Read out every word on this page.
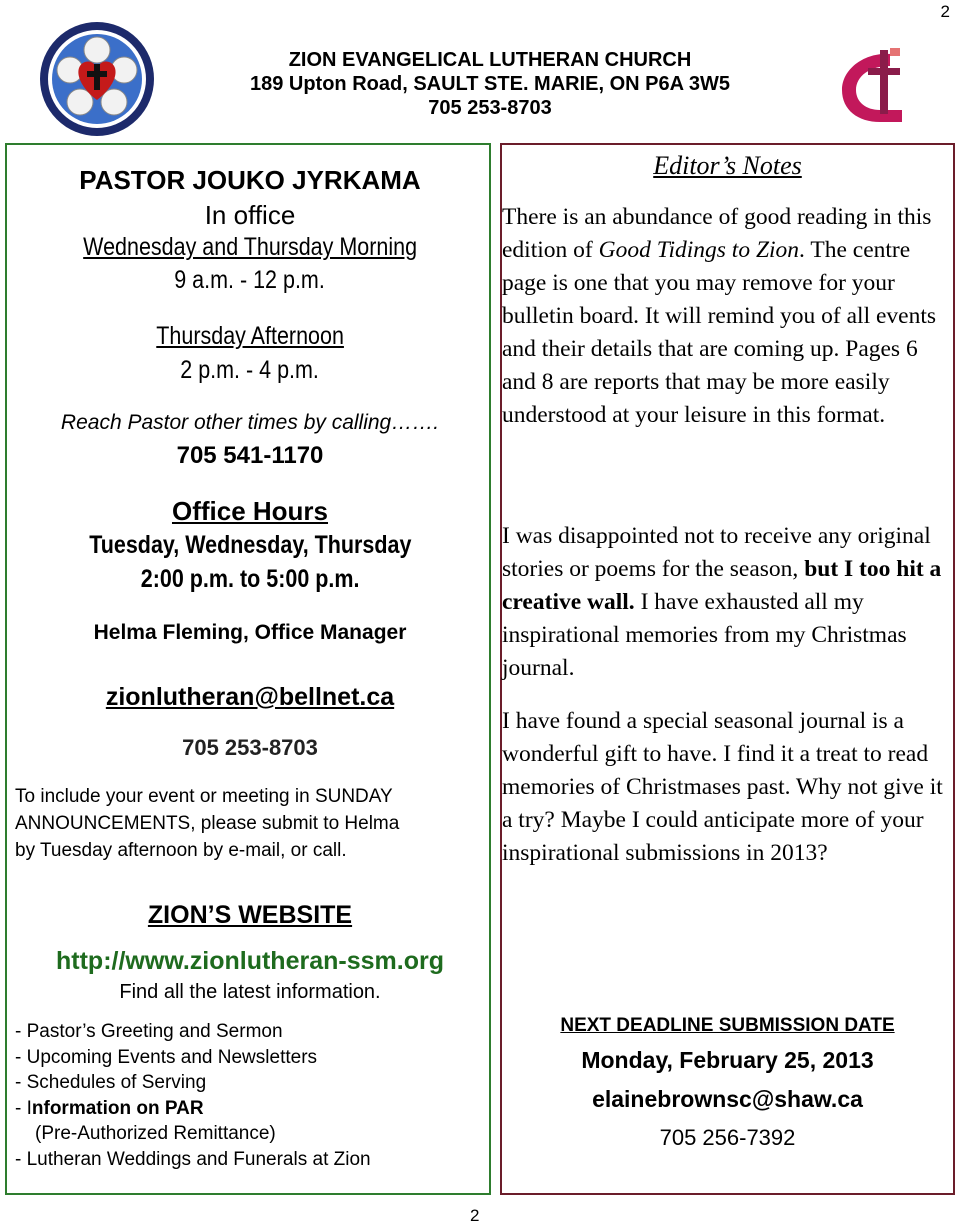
2
ZION EVANGELICAL LUTHERAN CHURCH
189 Upton Road, SAULT STE. MARIE, ON P6A 3W5
705 253-8703
PASTOR JOUKO JYRKAMA
In office
Wednesday and Thursday Morning
9 a.m. - 12 p.m.
Thursday Afternoon
2 p.m. - 4 p.m.
Reach Pastor other times by calling…….
705 541-1170
Office Hours
Tuesday, Wednesday, Thursday
2:00 p.m. to 5:00 p.m.
Helma Fleming, Office Manager
zionlutheran@bellnet.ca
705 253-8703
To include your event or meeting in SUNDAY
ANNOUNCEMENTS, please submit to Helma
by Tuesday afternoon by e-mail, or call.
ZION’S WEBSITE
http://www.zionlutheran-ssm.org
Find all the latest information.
- Pastor’s Greeting and Sermon
- Upcoming Events and Newsletters
- Schedules of Serving
- Information on PAR
(Pre-Authorized Remittance)
- Lutheran Weddings and Funerals at Zion
Editor’s Notes
There is an abundance of good reading in this edition of Good Tidings to Zion. The centre page is one that you may remove for your bulletin board. It will remind you of all events and their details that are coming up. Pages 6 and 8 are reports that may be more easily understood at your leisure in this format.
I was disappointed not to receive any original stories or poems for the season, but I too hit a creative wall. I have exhausted all my inspirational memories from my Christmas journal.
I have found a special seasonal journal is a wonderful gift to have. I find it a treat to read memories of Christmases past. Why not give it a try? Maybe I could anticipate more of your inspirational submissions in 2013?
NEXT DEADLINE SUBMISSION DATE
Monday, February 25, 2013
elainebrownsc@shaw.ca
705 256-7392
2
